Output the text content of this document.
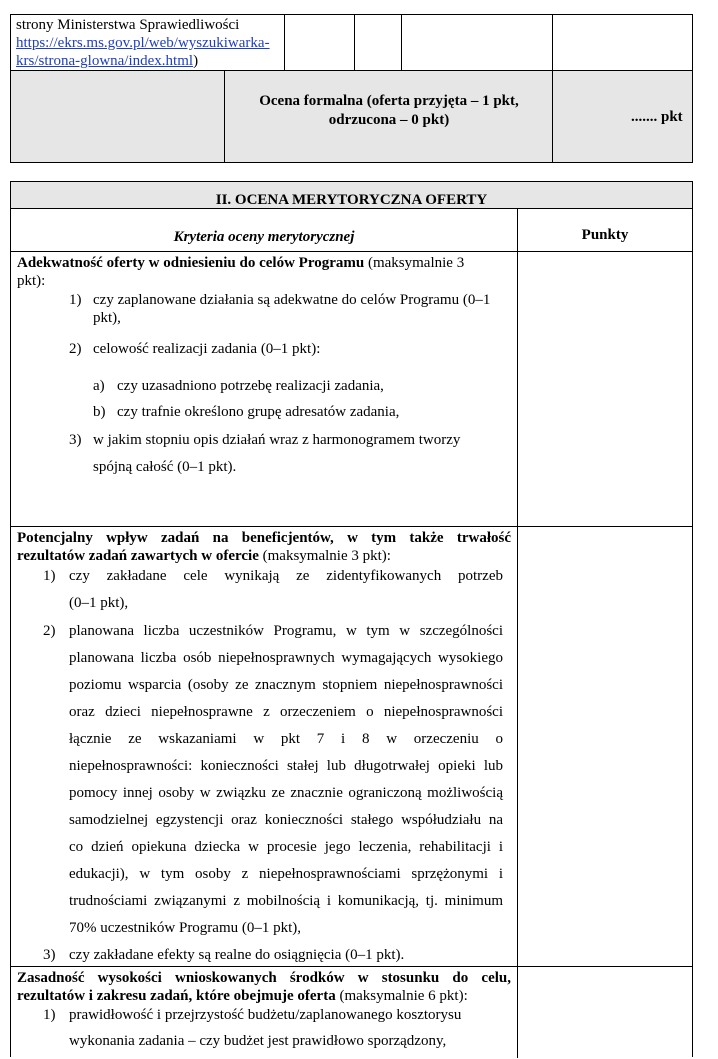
strony Ministerstwa Sprawiedliwości
https://ekrs.ms.gov.pl/web/wyszukiwarka-
krs/strona-glowna/index.html)
Ocena formalna (oferta przyjęta – 1 pkt,
odrzucona – 0 pkt)	....... pkt
II. OCENA MERYTORYCZNA OFERTY
Kryteria oceny merytorycznej	Punkty
Adekwatność oferty w odniesieniu do celów Programu (maksymalnie 3
pkt):
1) czy zaplanowane działania są adekwatne do celów Programu (0–1
pkt),
2) celowość realizacji zadania (0–1 pkt):
a) czy uzasadniono potrzebę realizacji zadania,
b) czy trafnie określono grupę adresatów zadania,
3) w jakim stopniu opis działań wraz z harmonogramem tworzy
spójną całość (0–1 pkt).
Potencjalny wpływ zadań na beneficjentów, w tym także trwałość
rezultatów zadań zawartych w ofercie (maksymalnie 3 pkt):
1) czy zakładane cele wynikają ze zidentyfikowanych potrzeb
(0–1 pkt),
2) planowana liczba uczestników Programu, w tym w szczególności
planowana liczba osób niepełnosprawnych wymagających wysokiego
poziomu wsparcia (osoby ze znacznym stopniem niepełnosprawności
oraz dzieci niepełnosprawne z orzeczeniem o niepełnosprawności
łącznie ze wskazaniami w pkt 7 i 8 w orzeczeniu o
niepełnosprawności: konieczności stałej lub długotrwałej opieki lub
pomocy innej osoby w związku ze znacznie ograniczoną możliwością
samodzielnej egzystencji oraz konieczności stałego współudziału na
co dzień opiekuna dziecka w procesie jego leczenia, rehabilitacji i
edukacji), w tym osoby z niepełnosprawnościami sprzężonymi i
trudnościami związanymi z mobilnością i komunikacją, tj. minimum
70% uczestników Programu (0–1 pkt),
3) czy zakładane efekty są realne do osiągnięcia (0–1 pkt).
Zasadność wysokości wnioskowanych środków w stosunku do celu,
rezultatów i zakresu zadań, które obejmuje oferta (maksymalnie 6 pkt):
1) prawidłowość i przejrzystość budżetu/zaplanowanego kosztorysu
wykonania zadania – czy budżet jest prawidłowo sporządzony,
